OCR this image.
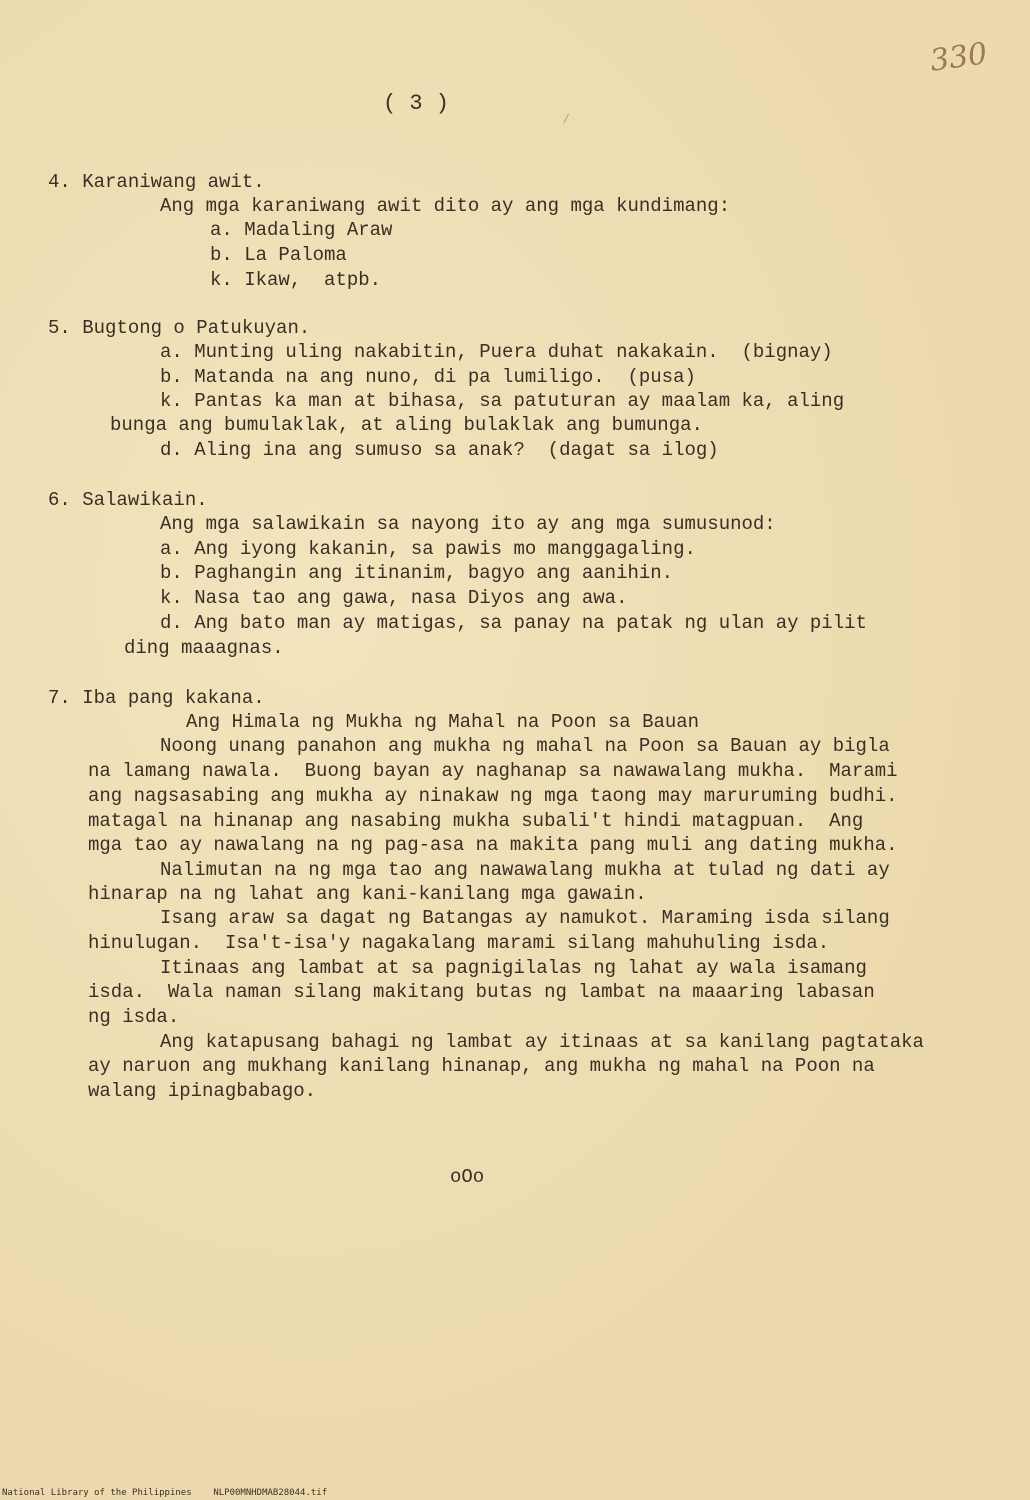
330
( 3 )
⁄
4. Karaniwang awit.
Ang mga karaniwang awit dito ay ang mga kundimang:
a. Madaling Araw
b. La Paloma
k. Ikaw,  atpb.
5. Bugtong o Patukuyan.
a. Munting uling nakabitin, Puera duhat nakakain.  (bignay)
b. Matanda na ang nuno, di pa lumiligo.  (pusa)
k. Pantas ka man at bihasa, sa patuturan ay maalam ka, aling
bunga ang bumulaklak, at aling bulaklak ang bumunga.
d. Aling ina ang sumuso sa anak?  (dagat sa ilog)
6. Salawikain.
Ang mga salawikain sa nayong ito ay ang mga sumusunod:
a. Ang iyong kakanin, sa pawis mo manggagaling.
b. Paghangin ang itinanim, bagyo ang aanihin.
k. Nasa tao ang gawa, nasa Diyos ang awa.
d. Ang bato man ay matigas, sa panay na patak ng ulan ay pilit
ding maaagnas.
7. Iba pang kakana.
Ang Himala ng Mukha ng Mahal na Poon sa Bauan
Noong unang panahon ang mukha ng mahal na Poon sa Bauan ay bigla
na lamang nawala.  Buong bayan ay naghanap sa nawawalang mukha.  Marami
ang nagsasabing ang mukha ay ninakaw ng mga taong may maruruming budhi.
matagal na hinanap ang nasabing mukha subali't hindi matagpuan.  Ang
mga tao ay nawalang na ng pag-asa na makita pang muli ang dating mukha.
Nalimutan na ng mga tao ang nawawalang mukha at tulad ng dati ay
hinarap na ng lahat ang kani-kanilang mga gawain.
Isang araw sa dagat ng Batangas ay namukot. Maraming isda silang
hinulugan.  Isa't-isa'y nagakalang marami silang mahuhuling isda.
Itinaas ang lambat at sa pagnigilalas ng lahat ay wala isamang
isda.  Wala naman silang makitang butas ng lambat na maaaring labasan
ng isda.
Ang katapusang bahagi ng lambat ay itinaas at sa kanilang pagtataka
ay naruon ang mukhang kanilang hinanap, ang mukha ng mahal na Poon na
walang ipinagbabago.
oOo
National Library of the Philippines    NLP00MNHDMAB28044.tif
